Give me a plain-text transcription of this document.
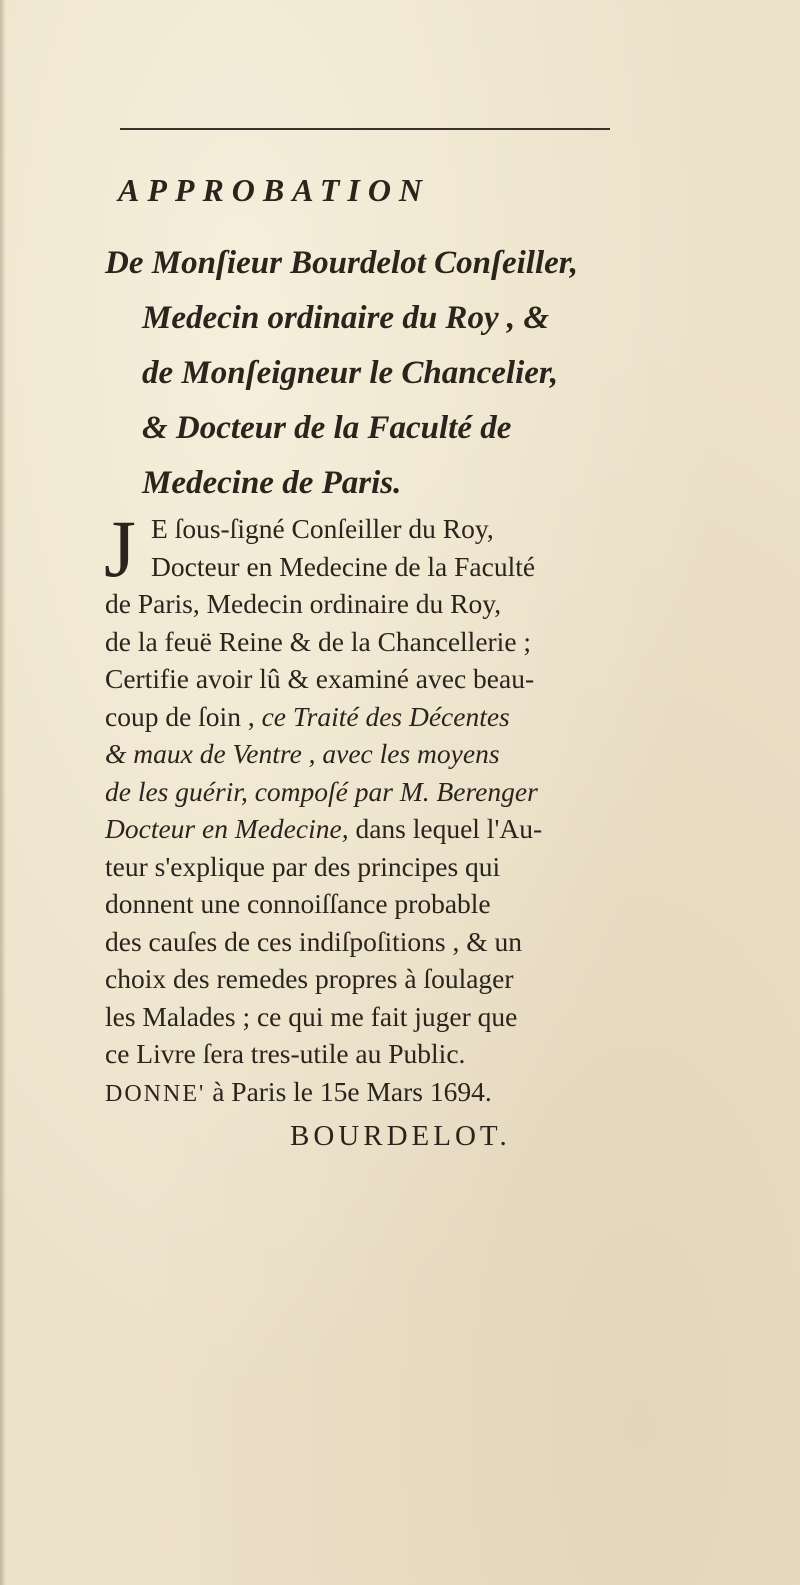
APPROBATION
De Monſieur Bourdelot Conſeiller,
Medecin ordinaire du Roy , &
de Monſeigneur le Chancelier,
& Docteur de la Faculté de
Medecine de Paris.
J E ſous-ſigné Conſeiller du Roy,
Docteur en Medecine de la Faculté
de Paris, Medecin ordinaire du Roy,
de la feuë Reine & de la Chancellerie ;
Certifie avoir lû & examiné avec beau-
coup de ſoin , ce Traité des Décentes
& maux de Ventre , avec les moyens
de les guérir, compoſé par M. Berenger
Docteur en Medecine, dans lequel l'Au-
teur s'explique par des principes qui
donnent une connoiſſance probable
des cauſes de ces indiſpoſitions , & un
choix des remedes propres à ſoulager
les Malades ; ce qui me fait juger que
ce Livre ſera tres-utile au Public.
DONNE' à Paris le 15e Mars 1694.
BOURDELOT.
